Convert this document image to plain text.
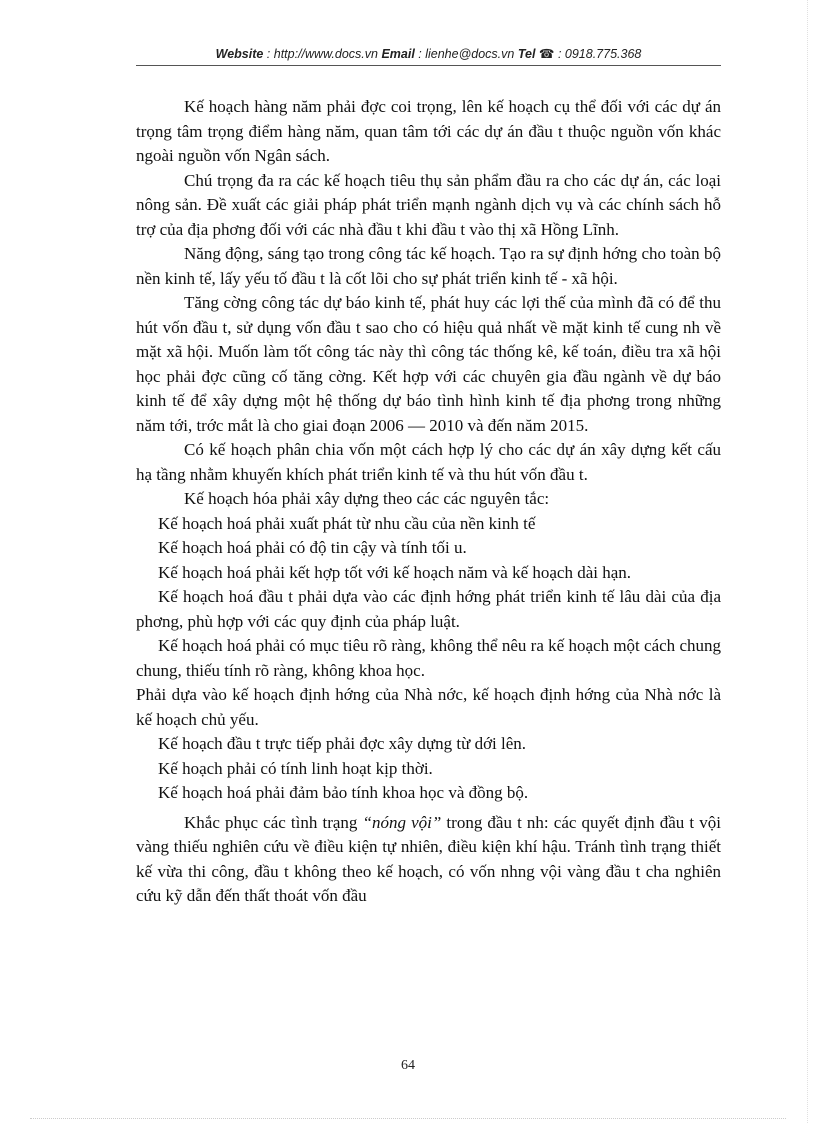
Website : http://www.docs.vn Email : lienhe@docs.vn Tel ☎ : 0918.775.368

Kế hoạch hàng năm phải đợc coi trọng, lên kế hoạch cụ thể đối với các dự án trọng tâm trọng điểm hàng năm, quan tâm tới các dự án đầu t thuộc nguồn vốn khác ngoài nguồn vốn Ngân sách.

Chú trọng đa ra các kế hoạch tiêu thụ sản phẩm đầu ra cho các dự án, các loại nông sản. Đề xuất các giải pháp phát triển mạnh ngành dịch vụ và các chính sách hỗ trợ của địa phơng đối với các nhà đầu t khi đầu t vào thị xã Hồng Lĩnh.

Năng động, sáng tạo trong công tác kế hoạch. Tạo ra sự định hớng cho toàn bộ nền kinh tế, lấy yếu tố đầu t là cốt lõi cho sự phát triển kinh tế - xã hội.

Tăng cờng công tác dự báo kinh tế, phát huy các lợi thế của mình đã có để thu hút vốn đầu t, sử dụng vốn đầu t sao cho có hiệu quả nhất về mặt kinh tế cung nh về mặt xã hội. Muốn làm tốt công tác này thì công tác thống kê, kế toán, điều tra xã hội học phải đợc cũng cố tăng cờng. Kết hợp với các chuyên gia đầu ngành về dự báo kinh tế để xây dựng một hệ thống dự báo tình hình kinh tế địa phơng trong những năm tới, trớc mắt là cho giai đoạn 2006 — 2010 và đến năm 2015.

Có kế hoạch phân chia vốn một cách hợp lý cho các dự án xây dựng kết cấu hạ tầng nhằm khuyến khích phát triển kinh tế và thu hút vốn đầu t.

Kế hoạch hóa phải xây dựng theo các các nguyên tắc:

Kế hoạch hoá phải xuất phát từ nhu cầu của nền kinh tế

Kế hoạch hoá phải có độ tin cậy và tính tối u.

Kế hoạch hoá phải kết hợp tốt với kế hoạch năm và kế hoạch dài hạn.

Kế hoạch hoá đầu t phải dựa vào các định hớng phát triển kinh tế lâu dài của địa phơng, phù hợp với các quy định của pháp luật.

Kế hoạch hoá phải có mục tiêu rõ ràng, không thể nêu ra kế hoạch một cách chung chung, thiếu tính rõ ràng, không khoa học.

Phải dựa vào kế hoạch định hớng của Nhà nớc, kế hoạch định hớng của Nhà nớc là kế hoạch chủ yếu.

Kế hoạch đầu t trực tiếp phải đợc xây dựng từ dới lên.

Kế hoạch phải có tính linh hoạt kịp thời.

Kế hoạch hoá phải đảm bảo tính khoa học và đồng bộ.

Khắc phục các tình trạng “nóng vội” trong đầu t nh: các quyết định đầu t vội vàng thiếu nghiên cứu về điều kiện tự nhiên, điều kiện khí hậu. Tránh tình trạng thiết kế vừa thi công, đầu t không theo kế hoạch, có vốn nhng vội vàng đầu t cha nghiên cứu kỹ dẫn đến thất thoát vốn đầu

64
